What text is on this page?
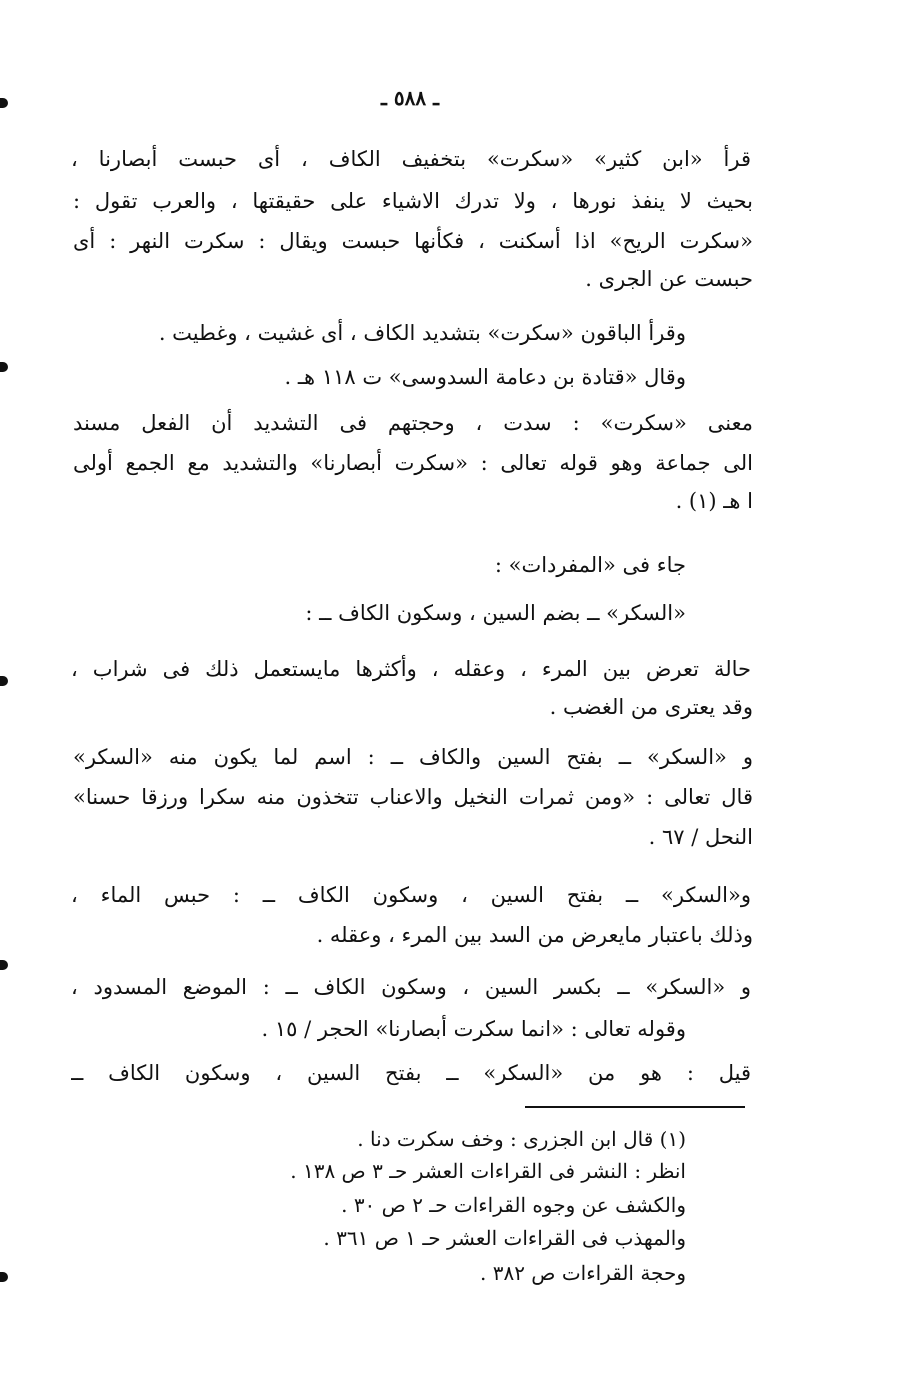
ـ ٥٨٨ ـ
قرأ «ابن كثير» «سكرت» بتخفيف الكاف ، أى حبست أبصارنا ،
بحيث لا ينفذ نورها ، ولا تدرك الاشياء على حقيقتها ، والعرب تقول :
«سكرت الريح» اذا أسكنت ، فكأنها حبست ويقال : سكرت النهر : أى
حبست عن الجرى .
وقرأ الباقون «سكرت» بتشديد الكاف ، أى غشيت ، وغطيت .
وقال «قتادة بن دعامة السدوسى» ت ١١٨ هـ .
معنى «سكرت» : سدت ، وحجتهم فى التشديد أن الفعل مسند
الى جماعة وهو قوله تعالى : «سكرت أبصارنا» والتشديد مع الجمع أولى
ا هـ (١) .
جاء فى «المفردات» :
«السكر» ــ بضم السين ، وسكون الكاف ــ :
حالة تعرض بين المرء ، وعقله ، وأكثرها مايستعمل ذلك فى شراب ،
وقد يعترى من الغضب .
و «السكر» ــ بفتح السين والكاف ــ : اسم لما يكون منه «السكر»
قال تعالى : «ومن ثمرات النخيل والاعناب تتخذون منه سكرا ورزقا حسنا»
النحل / ٦٧ .
و«السكر» ــ بفتح السين ، وسكون الكاف ــ : حبس الماء ،
وذلك باعتبار مايعرض من السد بين المرء ، وعقله .
و «السكر» ــ بكسر السين ، وسكون الكاف ــ : الموضع المسدود ،
وقوله تعالى : «انما سكرت أبصارنا» الحجر / ١٥ .
قيل : هو من «السكر» ــ بفتح السين ، وسكون الكاف ــ
(١) قال ابن الجزرى : وخف سكرت دنا .
انظر : النشر فى القراءات العشر حـ ٣ ص ١٣٨ .
والكشف عن وجوه القراءات حـ ٢ ص ٣٠ .
والمهذب فى القراءات العشر حـ ١ ص ٣٦١ .
وحجة القراءات ص ٣٨٢ .
